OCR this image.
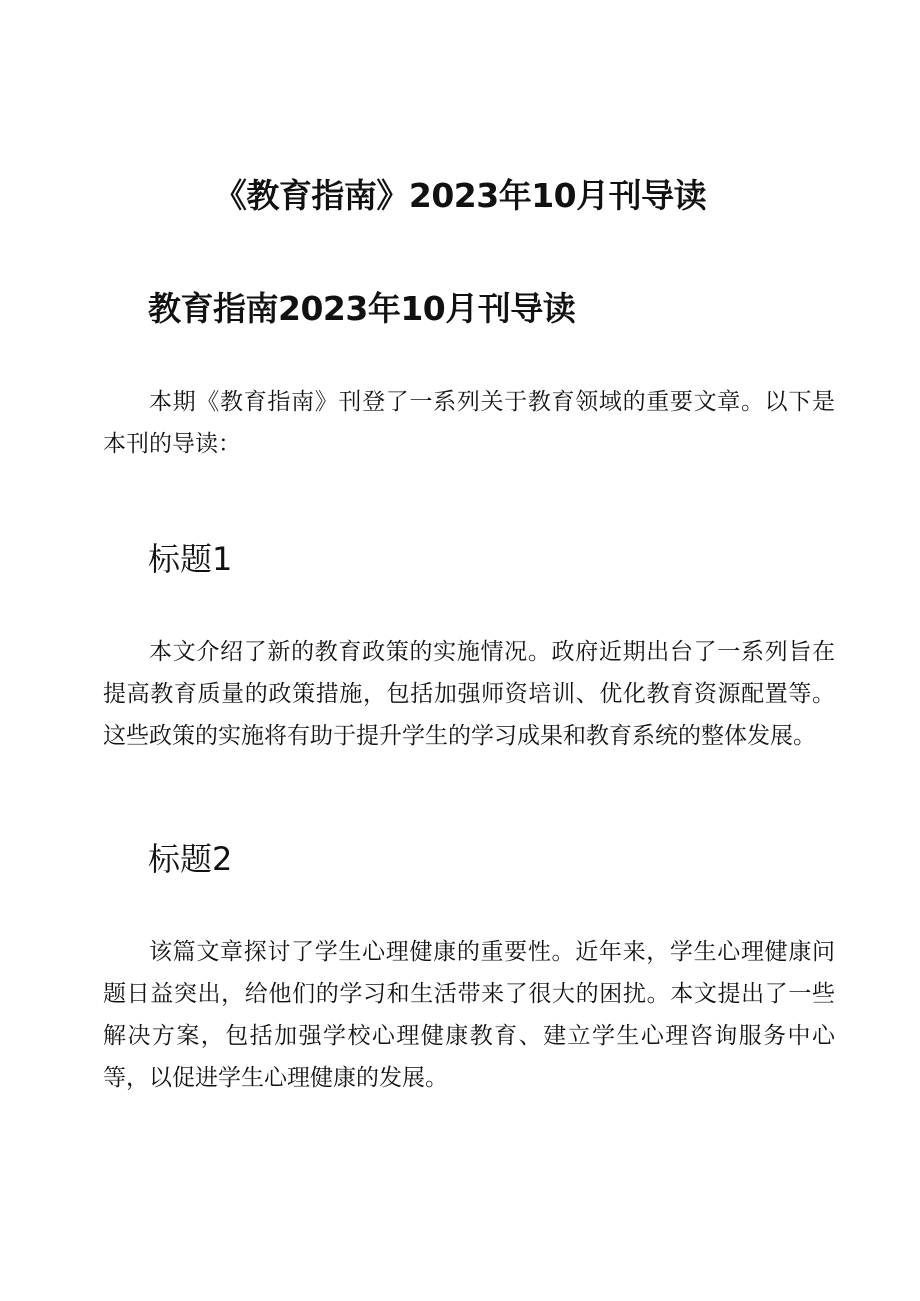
《教育指南》2023年10月刊导读
教育指南2023年10月刊导读

本期《教育指南》刊登了一系列关于教育领域的重要文章。以下是本刊的导读：

标题1

本文介绍了新的教育政策的实施情况。政府近期出台了一系列旨在提高教育质量的政策措施，包括加强师资培训、优化教育资源配置等。这些政策的实施将有助于提升学生的学习成果和教育系统的整体发展。

标题2

该篇文章探讨了学生心理健康的重要性。近年来，学生心理健康问题日益突出，给他们的学习和生活带来了很大的困扰。本文提出了一些解决方案，包括加强学校心理健康教育、建立学生心理咨询服务中心等，以促进学生心理健康的发展。
